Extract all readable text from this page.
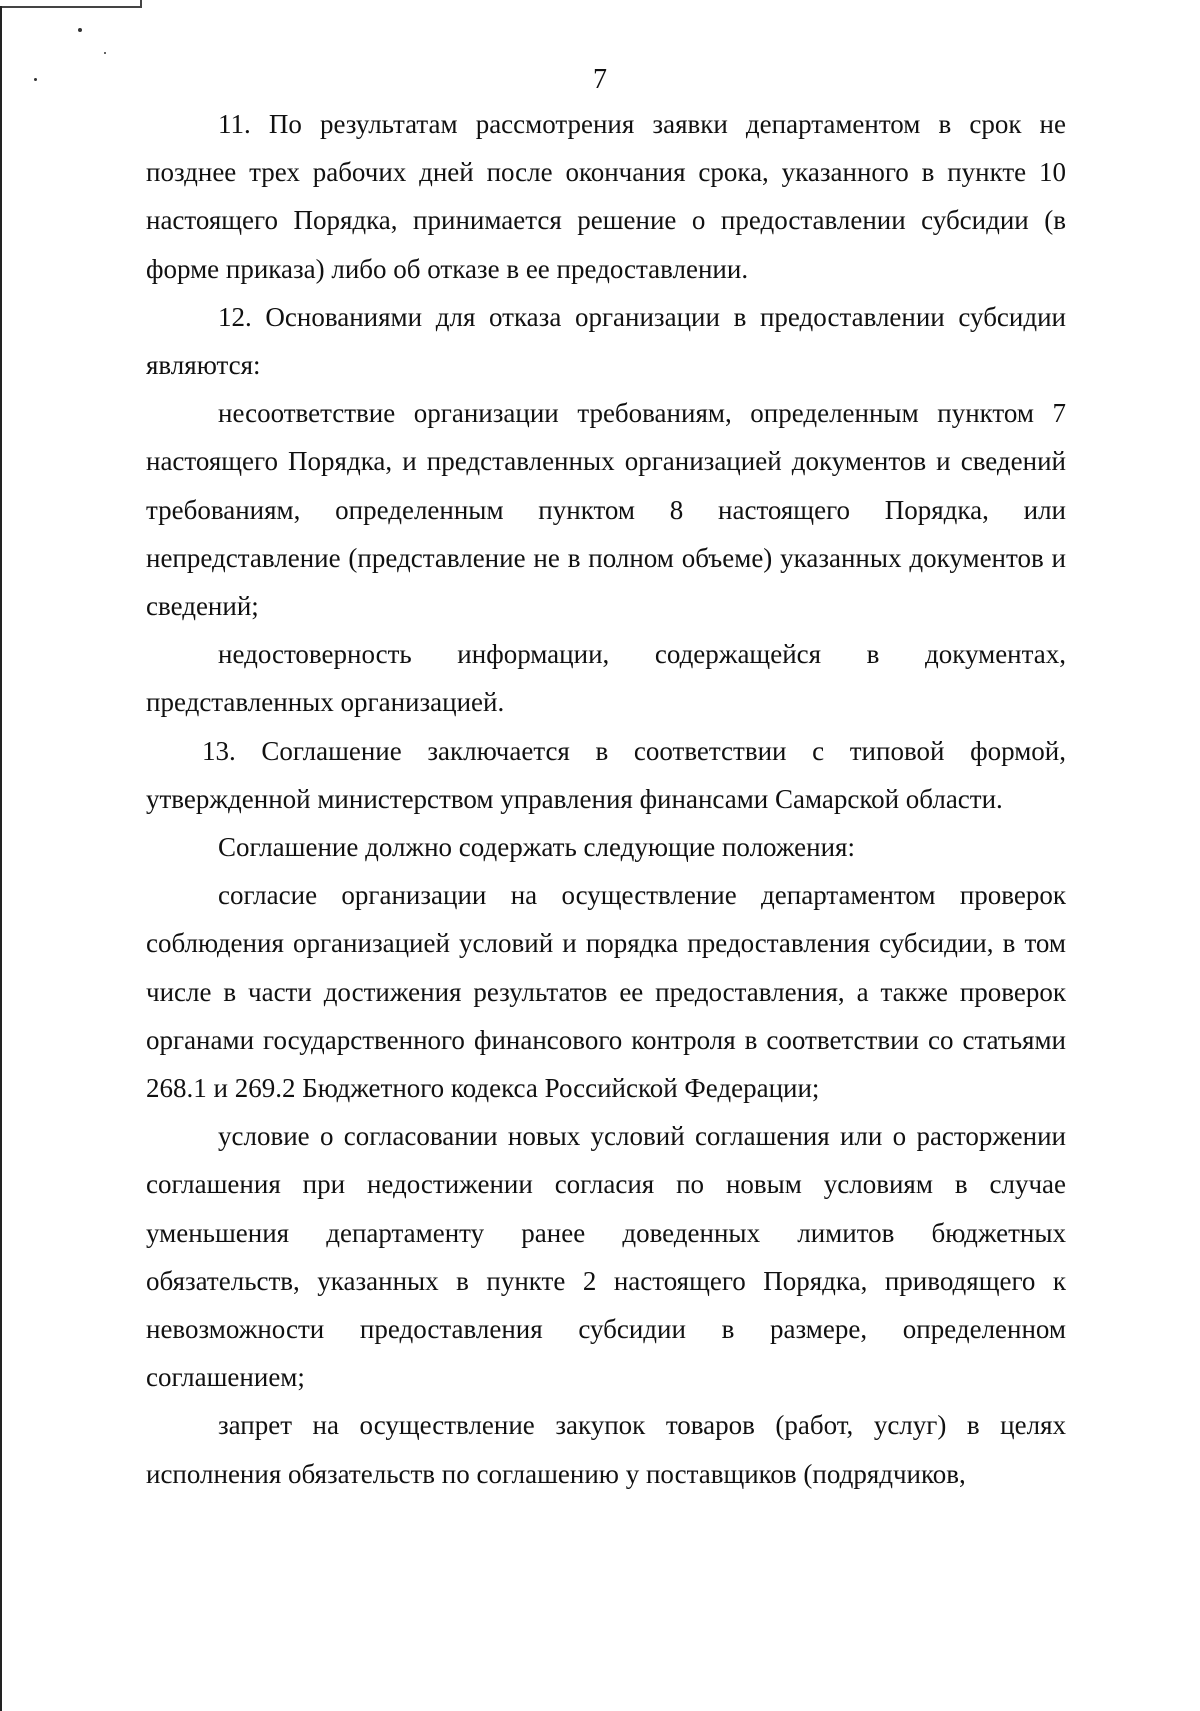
7

11. По результатам рассмотрения заявки департаментом в срок не позднее трех рабочих дней после окончания срока, указанного в пункте 10 настоящего Порядка, принимается решение о предоставлении субсидии (в форме приказа) либо об отказе в ее предоставлении.

12. Основаниями для отказа организации в предоставлении субсидии являются:

несоответствие организации требованиям, определенным пунктом 7 настоящего Порядка, и представленных организацией документов и сведений требованиям, определенным пунктом 8 настоящего Порядка, или непредставление (представление не в полном объеме) указанных документов и сведений;

недостоверность информации, содержащейся в документах, представленных организацией.

13. Соглашение заключается в соответствии с типовой формой, утвержденной министерством управления финансами Самарской области.

Соглашение должно содержать следующие положения:

согласие организации на осуществление департаментом проверок соблюдения организацией условий и порядка предоставления субсидии, в том числе в части достижения результатов ее предоставления, а также проверок органами государственного финансового контроля в соответствии со статьями 268.1 и 269.2 Бюджетного кодекса Российской Федерации;

условие о согласовании новых условий соглашения или о расторжении соглашения при недостижении согласия по новым условиям в случае уменьшения департаменту ранее доведенных лимитов бюджетных обязательств, указанных в пункте 2 настоящего Порядка, приводящего к невозможности предоставления субсидии в размере, определенном соглашением;

запрет на осуществление закупок товаров (работ, услуг) в целях исполнения обязательств по соглашению у поставщиков (подрядчиков,
